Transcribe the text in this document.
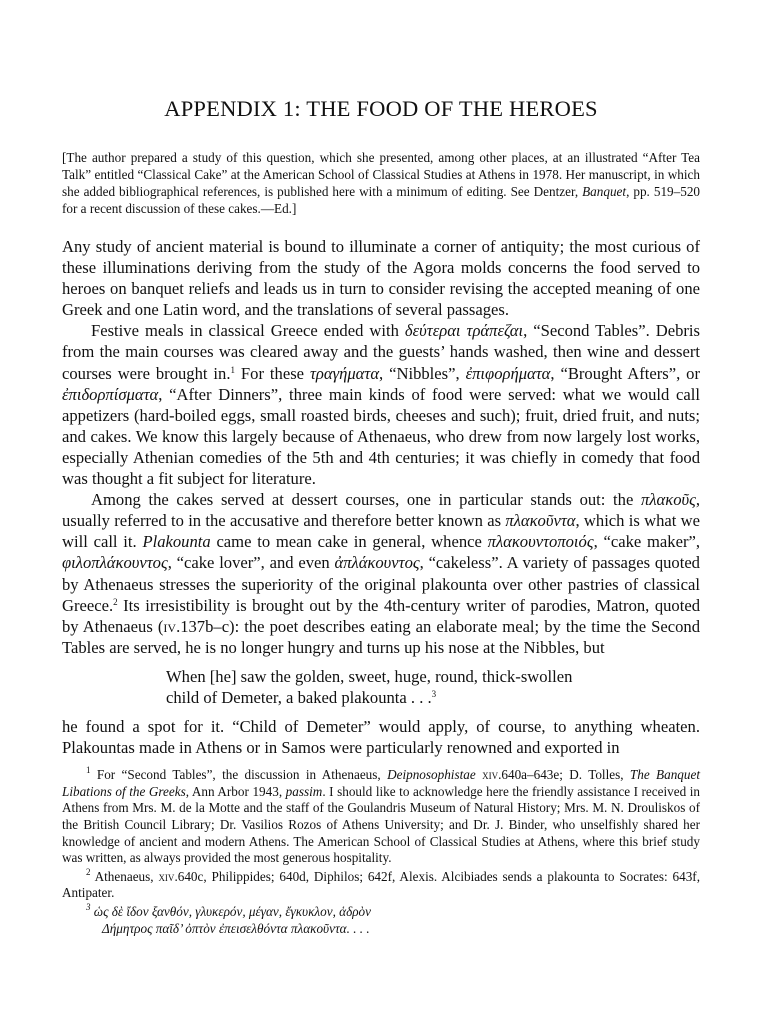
APPENDIX 1: THE FOOD OF THE HEROES
[The author prepared a study of this question, which she presented, among other places, at an illustrated “After Tea Talk” entitled “Classical Cake” at the American School of Classical Studies at Athens in 1978. Her manuscript, in which she added bibliographical references, is published here with a minimum of editing. See Dentzer, Banquet, pp. 519–520 for a recent discussion of these cakes.—Ed.]

Any study of ancient material is bound to illuminate a corner of antiquity; the most curious of these illuminations deriving from the study of the Agora molds concerns the food served to heroes on banquet reliefs and leads us in turn to consider revising the accepted meaning of one Greek and one Latin word, and the translations of several passages.

Festive meals in classical Greece ended with δεύτεραι τράπεζαι, “Second Tables”. Debris from the main courses was cleared away and the guests’ hands washed, then wine and dessert courses were brought in.$^1$ For these τραγήματα, “Nibbles”, ἐπιφορήματα, “Brought Afters”, or ἐπιδορπίσματα, “After Dinners”, three main kinds of food were served: what we would call appetizers (hard-boiled eggs, small roasted birds, cheeses and such); fruit, dried fruit, and nuts; and cakes. We know this largely because of Athenaeus, who drew from now largely lost works, especially Athenian comedies of the 5th and 4th centuries; it was chiefly in comedy that food was thought a fit subject for literature.

Among the cakes served at dessert courses, one in particular stands out: the πλακοῦς, usually referred to in the accusative and therefore better known as πλακοῦντα, which is what we will call it. Plakounta came to mean cake in general, whence πλακουντοποιός, “cake maker”, φιλοπλάκουντος, “cake lover”, and even ἀπλάκουντος, “cakeless”. A variety of passages quoted by Athenaeus stresses the superiority of the original plakounta over other pastries of classical Greece.$^2$ Its irresistibility is brought out by the 4th-century writer of parodies, Matron, quoted by Athenaeus (iv.137b–c): the poet describes eating an elaborate meal; by the time the Second Tables are served, he is no longer hungry and turns up his nose at the Nibbles, but

When [he] saw the golden, sweet, huge, round, thick-swollen
child of Demeter, a baked plakounta . . .$^3$

he found a spot for it. “Child of Demeter” would apply, of course, to anything wheaten. Plakountas made in Athens or in Samos were particularly renowned and exported in

$^1$ For “Second Tables”, the discussion in Athenaeus, Deipnosophistae xiv.640a–643e; D. Tolles, The Banquet Libations of the Greeks, Ann Arbor 1943, passim. I should like to acknowledge here the friendly assistance I received in Athens from Mrs. M. de la Motte and the staff of the Goulandris Museum of Natural History; Mrs. M. N. Drouliskos of the British Council Library; Dr. Vasilios Rozos of Athens University; and Dr. J. Binder, who unselfishly shared her knowledge of ancient and modern Athens. The American School of Classical Studies at Athens, where this brief study was written, as always provided the most generous hospitality.

$^2$ Athenaeus, xiv.640c, Philippides; 640d, Diphilos; 642f, Alexis. Alcibiades sends a plakounta to Socrates: 643f, Antipater.

$^3$ ὡς δὲ ἴδον ξανθόν, γλυκερόν, μέγαν, ἔγκυκλον, ἁδρὸν

Δήμητρος παῖδ’ ὀπτὸν ἐπεισελθόντα πλακοῦντα. . . .
